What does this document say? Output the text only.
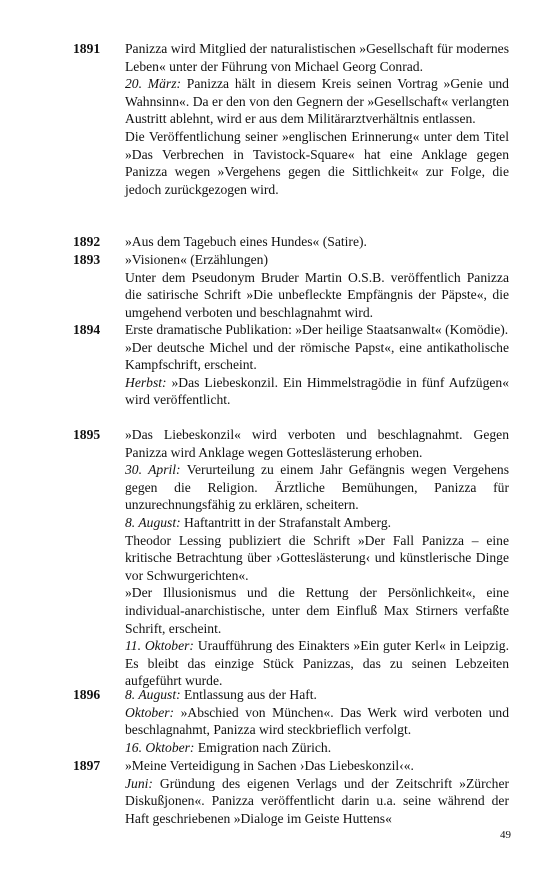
1891	Panizza wird Mitglied der naturalistischen »Gesellschaft für modernes Leben« unter der Führung von Michael Georg Conrad.

20. März: Panizza hält in diesem Kreis seinen Vortrag »Genie und Wahnsinn«. Da er den von den Gegnern der »Gesellschaft« verlangten Austritt ablehnt, wird er aus dem Militärarztverhältnis entlassen.

Die Veröffentlichung seiner »englischen Erinnerung« unter dem Titel »Das Verbrechen in Tavistock-Square« hat eine Anklage gegen Panizza wegen »Vergehens gegen die Sittlichkeit« zur Folge, die jedoch zurückgezogen wird.

1892	»Aus dem Tagebuch eines Hundes« (Satire).

1893	»Visionen« (Erzählungen)

Unter dem Pseudonym Bruder Martin O.S.B. veröffentlich Panizza die satirische Schrift »Die unbefleckte Empfängnis der Päpste«, die umgehend verboten und beschlagnahmt wird.

1894	Erste dramatische Publikation: »Der heilige Staatsanwalt« (Komödie).

»Der deutsche Michel und der römische Papst«, eine antikatholische Kampfschrift, erscheint.

Herbst: »Das Liebeskonzil. Ein Himmelstragödie in fünf Aufzügen« wird veröffentlicht.

1895	»Das Liebeskonzil« wird verboten und beschlagnahmt. Gegen Panizza wird Anklage wegen Gotteslästerung erhoben.

30. April: Verurteilung zu einem Jahr Gefängnis wegen Vergehens gegen die Religion. Ärztliche Bemühungen, Panizza für unzurechnungsfähig zu erklären, scheitern.

8. August: Haftantritt in der Strafanstalt Amberg.

Theodor Lessing publiziert die Schrift »Der Fall Panizza – eine kritische Betrachtung über ›Gotteslästerung‹ und künstlerische Dinge vor Schwurgerichten«.

»Der Illusionismus und die Rettung der Persönlichkeit«, eine individual-anarchistische, unter dem Einfluß Max Stirners verfaßte Schrift, erscheint.

11. Oktober: Uraufführung des Einakters »Ein guter Kerl« in Leipzig. Es bleibt das einzige Stück Panizzas, das zu seinen Lebzeiten aufgeführt wurde.

1896	8. August: Entlassung aus der Haft.

Oktober: »Abschied von München«. Das Werk wird verboten und beschlagnahmt, Panizza wird steckbrieflich verfolgt.

16. Oktober: Emigration nach Zürich.

1897	»Meine Verteidigung in Sachen ›Das Liebeskonzil‹«.

Juni: Gründung des eigenen Verlags und der Zeitschrift »Zürcher Diskußjonen«. Panizza veröffentlicht darin u.a. seine während der Haft geschriebenen »Dialoge im Geiste Huttens«

49
